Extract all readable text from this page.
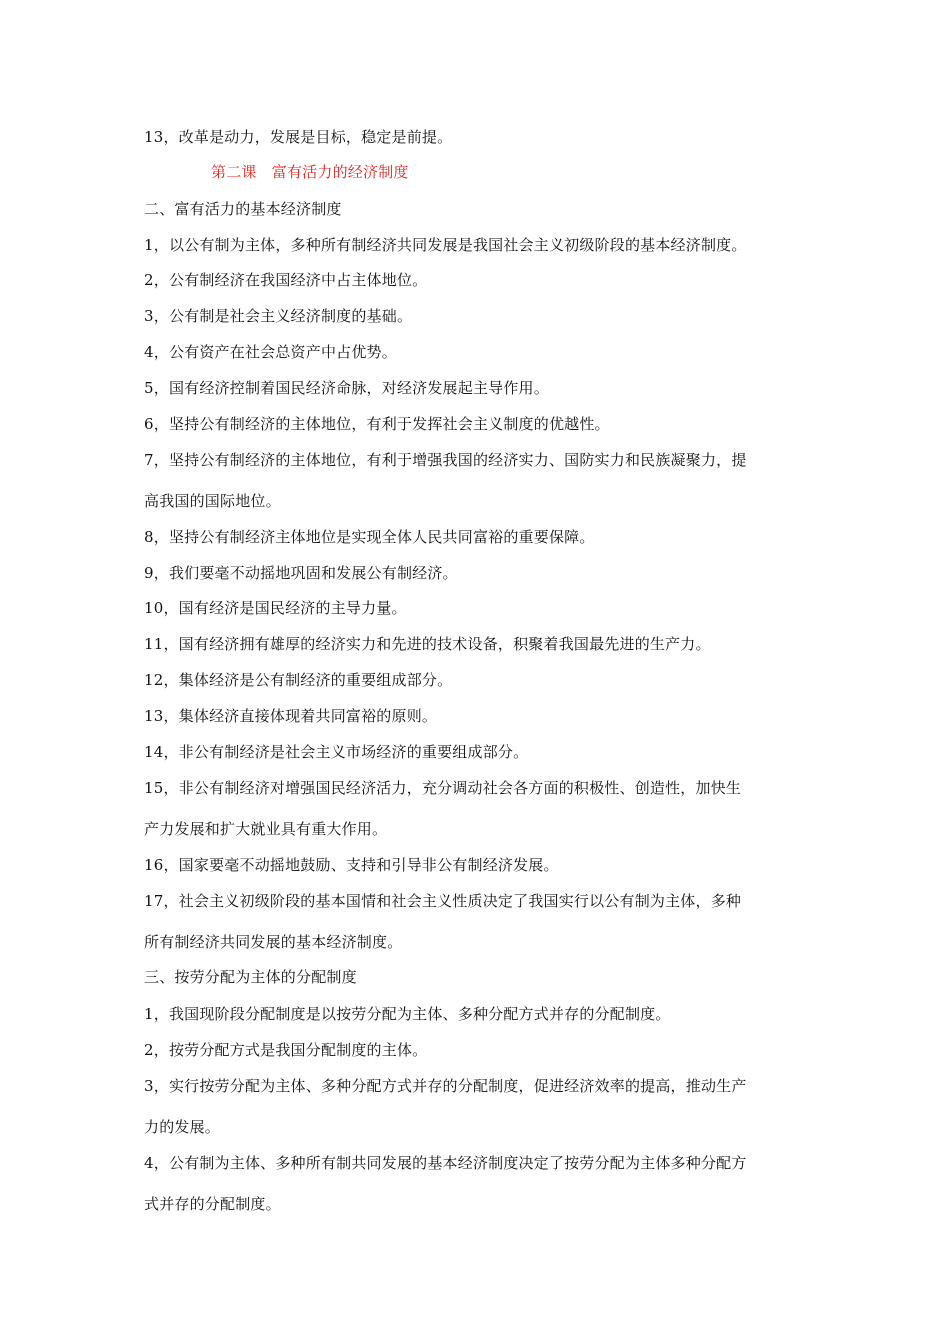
13，改革是动力，发展是目标，稳定是前提。
第二课　富有活力的经济制度
二、富有活力的基本经济制度
1，以公有制为主体，多种所有制经济共同发展是我国社会主义初级阶段的基本经济制度。
2，公有制经济在我国经济中占主体地位。
3，公有制是社会主义经济制度的基础。
4，公有资产在社会总资产中占优势。
5，国有经济控制着国民经济命脉，对经济发展起主导作用。
6，坚持公有制经济的主体地位，有利于发挥社会主义制度的优越性。
7，坚持公有制经济的主体地位，有利于增强我国的经济实力、国防实力和民族凝聚力，提
高我国的国际地位。
8，坚持公有制经济主体地位是实现全体人民共同富裕的重要保障。
9，我们要毫不动摇地巩固和发展公有制经济。
10，国有经济是国民经济的主导力量。
11，国有经济拥有雄厚的经济实力和先进的技术设备，积聚着我国最先进的生产力。
12，集体经济是公有制经济的重要组成部分。
13，集体经济直接体现着共同富裕的原则。
14，非公有制经济是社会主义市场经济的重要组成部分。
15，非公有制经济对增强国民经济活力，充分调动社会各方面的积极性、创造性，加快生
产力发展和扩大就业具有重大作用。
16，国家要毫不动摇地鼓励、支持和引导非公有制经济发展。
17，社会主义初级阶段的基本国情和社会主义性质决定了我国实行以公有制为主体，多种
所有制经济共同发展的基本经济制度。
三、按劳分配为主体的分配制度
1，我国现阶段分配制度是以按劳分配为主体、多种分配方式并存的分配制度。
2，按劳分配方式是我国分配制度的主体。
3，实行按劳分配为主体、多种分配方式并存的分配制度，促进经济效率的提高，推动生产
力的发展。
4，公有制为主体、多种所有制共同发展的基本经济制度决定了按劳分配为主体多种分配方
式并存的分配制度。
